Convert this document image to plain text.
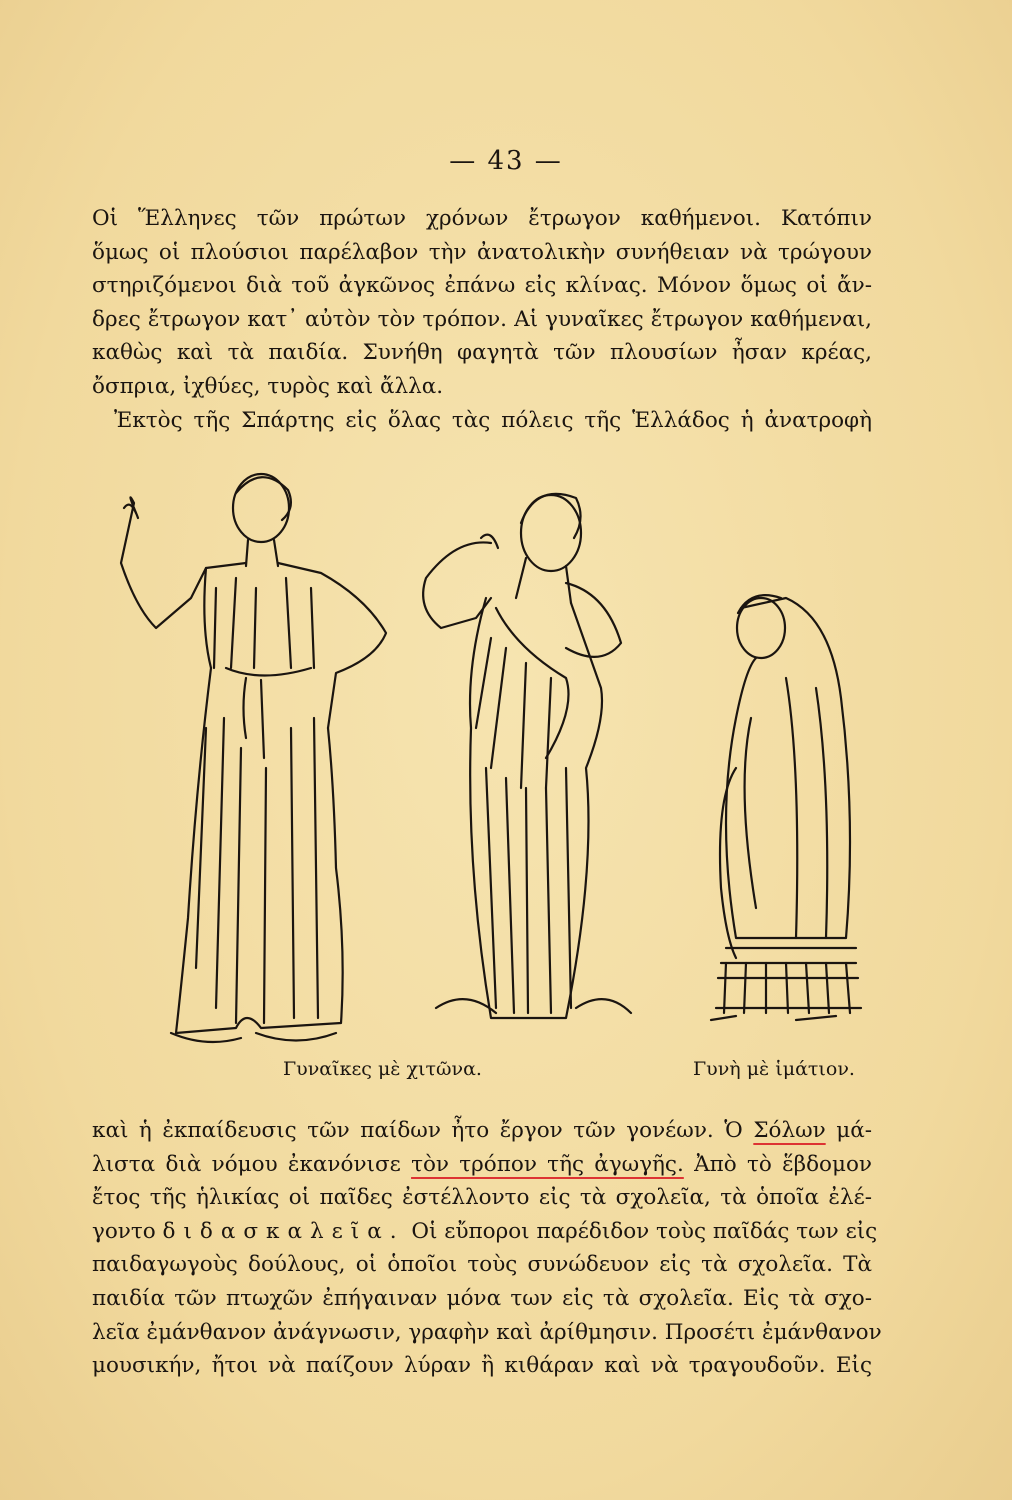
— 43 —
Οἱ Ἕλληνες τῶν πρώτων χρόνων ἔτρωγον καθήμενοι. Κατόπιν
ὅμως οἱ πλούσιοι παρέλαβον τὴν ἀνατολικὴν συνήθειαν νὰ τρώγουν
στηριζόμενοι διὰ τοῦ ἀγκῶνος ἐπάνω εἰς κλίνας. Μόνον ὅμως οἱ ἄν-
δρες ἔτρωγον κατ᾽ αὐτὸν τὸν τρόπον. Αἱ γυναῖκες ἔτρωγον καθήμεναι,
καθὼς καὶ τὰ παιδία. Συνήθη φαγητὰ τῶν πλουσίων ἦσαν κρέας,
ὄσπρια, ἰχθύες, τυρὸς καὶ ἄλλα.
Ἐκτὸς τῆς Σπάρτης εἰς ὅλας τὰς πόλεις τῆς Ἑλλάδος ἡ ἀνατροφὴ
Γυναῖκες μὲ χιτῶνα.	Γυνὴ μὲ ἱμάτιον.
καὶ ἡ ἐκπαίδευσις τῶν παίδων ἦτο ἔργον τῶν γονέων. Ὁ Σόλων μά-
λιστα διὰ νόμου ἐκανόνισε τὸν τρόπον τῆς ἀγωγῆς. Ἀπὸ τὸ ἕβδομον
ἔτος τῆς ἡλικίας οἱ παῖδες ἐστέλλοντο εἰς τὰ σχολεῖα, τὰ ὁποῖα ἐλέ-
γοντο διδασκαλεῖα. Οἱ εὔποροι παρέδιδον τοὺς παῖδάς των εἰς
παιδαγωγοὺς δούλους, οἱ ὁποῖοι τοὺς συνώδευον εἰς τὰ σχολεῖα. Τὰ
παιδία τῶν πτωχῶν ἐπήγαιναν μόνα των εἰς τὰ σχολεῖα. Εἰς τὰ σχο-
λεῖα ἐμάνθανον ἀνάγνωσιν, γραφὴν καὶ ἀρίθμησιν. Προσέτι ἐμάνθανον
μουσικήν, ἤτοι νὰ παίζουν λύραν ἢ κιθάραν καὶ νὰ τραγουδοῦν. Εἰς
